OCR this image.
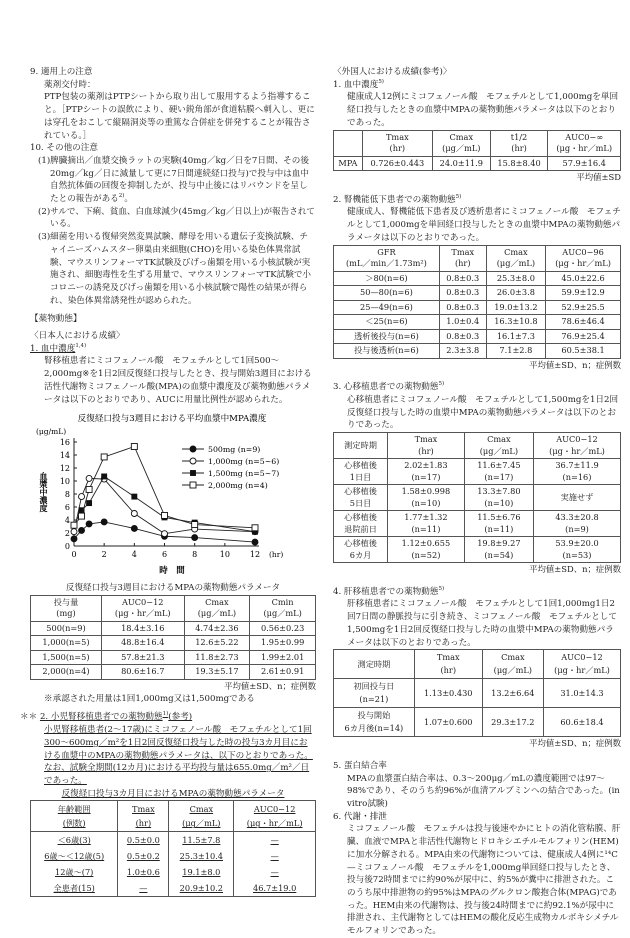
9. 適用上の注意
薬剤交付時：
PTP包装の薬剤はPTPシートから取り出して服用するよう指導すること。［PTPシートの誤飲により、硬い鋭角部が食道粘膜へ刺入し、更には穿孔をおこして縦隔洞炎等の重篤な合併症を併発することが報告されている。］
10. その他の注意
(1)脾臓摘出／血漿交換ラットの実験(40mg／kg／日を7日間、その後20mg／kg／日に減量して更に7日間連続経口投与)で投与中は血中自然抗体価の回復を抑制したが、投与中止後にはリバウンドを呈したとの報告がある$^{2)}$。
(2)サルで、下痢、貧血、白血球減少(45mg／kg／日以上)が報告されている。
(3)細菌を用いる復帰突然変異試験、酵母を用いる遺伝子変換試験、チャイニーズハムスター卵巣由来細胞(CHO)を用いる染色体異常試験、マウスリンフォーマTK試験及びげっ歯類を用いる小核試験が実施され、細胞毒性を生ずる用量で、マウスリンフォーマTK試験で小コロニーの誘発及びげっ歯類を用いる小核試験で陽性の結果が得られ、染色体異常誘発性が認められた。
【薬物動態】
〈日本人における成績〉
1. 血中濃度$^{1,4)}$
腎移植患者にミコフェノール酸　モフェチルとして1回500～2,000mg※を1日2回反復経口投与したとき、投与開始3週目における活性代謝物ミコフェノール酸(MPA)の血漿中濃度及び薬物動態パラメータは以下のとおりであり、AUCに用量比例性が認められた。
反復経口投与3週目における平均血漿中MPA濃度
(μg/mL)
0
2
4
6
8
10
12
14
16
0	2	4	6	8	10 12 (hr)
時　間
血漿中濃度
500mg (n=9)
1,000mg (n=5~6)
1,500mg (n=5~7)
2,000mg (n=4)
反復経口投与3週目におけるMPAの薬物動態パラメータ
投与量
(mg)	AUC0−12
(μg・hr／mL)	Cmax
(μg／mL)	Cmin
(μg／mL)
500(n=9)	18.4±3.16	4.74±2.36	0.56±0.23
1,000(n=5)	48.8±16.4	12.6±5.22	1.95±0.99
1,500(n=5)	57.8±21.3	11.8±2.73	1.99±2.01
2,000(n=4)	80.6±16.7	19.3±5.17	2.61±0.91
平均値±SD、n；症例数
※承認された用量は1回1,000mg又は1,500mgである
＊＊ 2. 小児腎移植患者での薬物動態$^{1)}$(参考)
小児腎移植患者(2～17歳)にミコフェノール酸　モフェチルとして1回300～600mg／m²を1日2回反復経口投与した時の投与3カ月目における血漿中のMPAの薬物動態パラメータは、以下のとおりであった。なお、試験全期間(12カ月)における平均投与量は655.0mg／m²／日であった。
反復経口投与3カ月目におけるMPAの薬物動態パラメータ
年齢範囲
(例数)	Tmax
(hr)	Cmax
(μg／mL)	AUC0−12
(μg・hr／mL)
＜6歳(3)	0.5±0.0	11.5±7.8	—
6歳～＜12歳(5)	0.5±0.2	25.3±10.4	—
12歳～(7)	1.0±0.6	19.1±8.0	—
全患者(15)	—	20.9±10.2	46.7±19.0
〈外国人における成績(参考)〉
1. 血中濃度$^{5)}$
健康成人12例にミコフェノール酸　モフェチルとして1,000mgを単回経口投与したときの血漿中MPAの薬物動態パラメータは以下のとおりであった。
	Tmax
(hr)	Cmax
(μg／mL)	t1/2
(hr)	AUC0−∞
(μg・hr／mL)
MPA	0.726±0.443	24.0±11.9	15.8±8.40	57.9±16.4
平均値±SD
2. 腎機能低下患者での薬物動態$^{5)}$
健康成人、腎機能低下患者及び透析患者にミコフェノール酸　モフェチルとして1,000mgを単回経口投与したときの血漿中MPAの薬物動態パラメータは以下のとおりであった。
GFR
(mL／min／1.73m²)	Tmax
(hr)	Cmax
(μg／mL)	AUC0−96
(μg・hr／mL)
＞80(n=6)	0.8±0.3	25.3±8.0	45.0±22.6
50—80(n=6)	0.8±0.3	26.0±3.8	59.9±12.9
25—49(n=6)	0.8±0.3	19.0±13.2	52.9±25.5
＜25(n=6)	1.0±0.4	16.3±10.8	78.6±46.4
透析後投与(n=6)	0.8±0.3	16.1±7.3	76.9±25.4
投与後透析(n=6)	2.3±3.8	7.1±2.8	60.5±38.1
平均値±SD、n；症例数
3. 心移植患者での薬物動態$^{5)}$
心移植患者にミコフェノール酸　モフェチルとして1,500mgを1日2回反復経口投与した時の血漿中MPAの薬物動態パラメータは以下のとおりであった。
測定時期	Tmax
(hr)	Cmax
(μg／mL)	AUC0−12
(μg・hr／mL)
心移植後
1日目	2.02±1.83
(n=17)	11.6±7.45
(n=17)	36.7±11.9
(n=16)
心移植後
5日目	1.58±0.998
(n=10)	13.3±7.80
(n=10)	実施せず
心移植後
退院前日	1.77±1.32
(n=11)	11.5±6.76
(n=11)	43.3±20.8
(n=9)
心移植後
6カ月	1.12±0.655
(n=52)	19.8±9.27
(n=54)	53.9±20.0
(n=53)
平均値±SD、n；症例数
4. 肝移植患者での薬物動態$^{5)}$
肝移植患者にミコフェノール酸　モフェチルとして1回1,000mg1日2回7日間の静脈投与に引き続き、ミコフェノール酸　モフェチルとして1,500mgを1日2回反復経口投与した時の血漿中MPAの薬物動態パラメータは以下のとおりであった。
測定時期	Tmax
(hr)	Cmax
(μg／mL)	AUC0−12
(μg・hr／mL)
初回投与日
(n=21)	1.13±0.430	13.2±6.64	31.0±14.3
投与開始
6カ月後(n=14)	1.07±0.600	29.3±17.2	60.6±18.4
平均値±SD、n；症例数
5. 蛋白結合率
MPAの血漿蛋白結合率は、0.3～200μg／mLの濃度範囲では97～98%であり、そのうち約96%が血清アルブミンへの結合であった。(in vitro試験)
6. 代謝・排泄
ミコフェノール酸　モフェチルは投与後速やかにヒトの消化管粘膜、肝臓、血液でMPAと非活性代謝物ヒドロキシエチルモルフォリン(HEM)に加水分解される。MPA由来の代謝物については、健康成人4例に¹⁴C—ミコフェノール酸　モフェチルを1,000mg単回経口投与したとき、投与後72時間までに約90%が尿中に、約5%が糞中に排泄された。このうち尿中排泄物の約95%はMPAのグルクロン酸抱合体(MPAG)であった。HEM由来の代謝物は、投与後24時間までに約92.1%が尿中に排泄され、主代謝物としてはHEMの酸化反応生成物カルボキシメチルモルフォリンであった。
